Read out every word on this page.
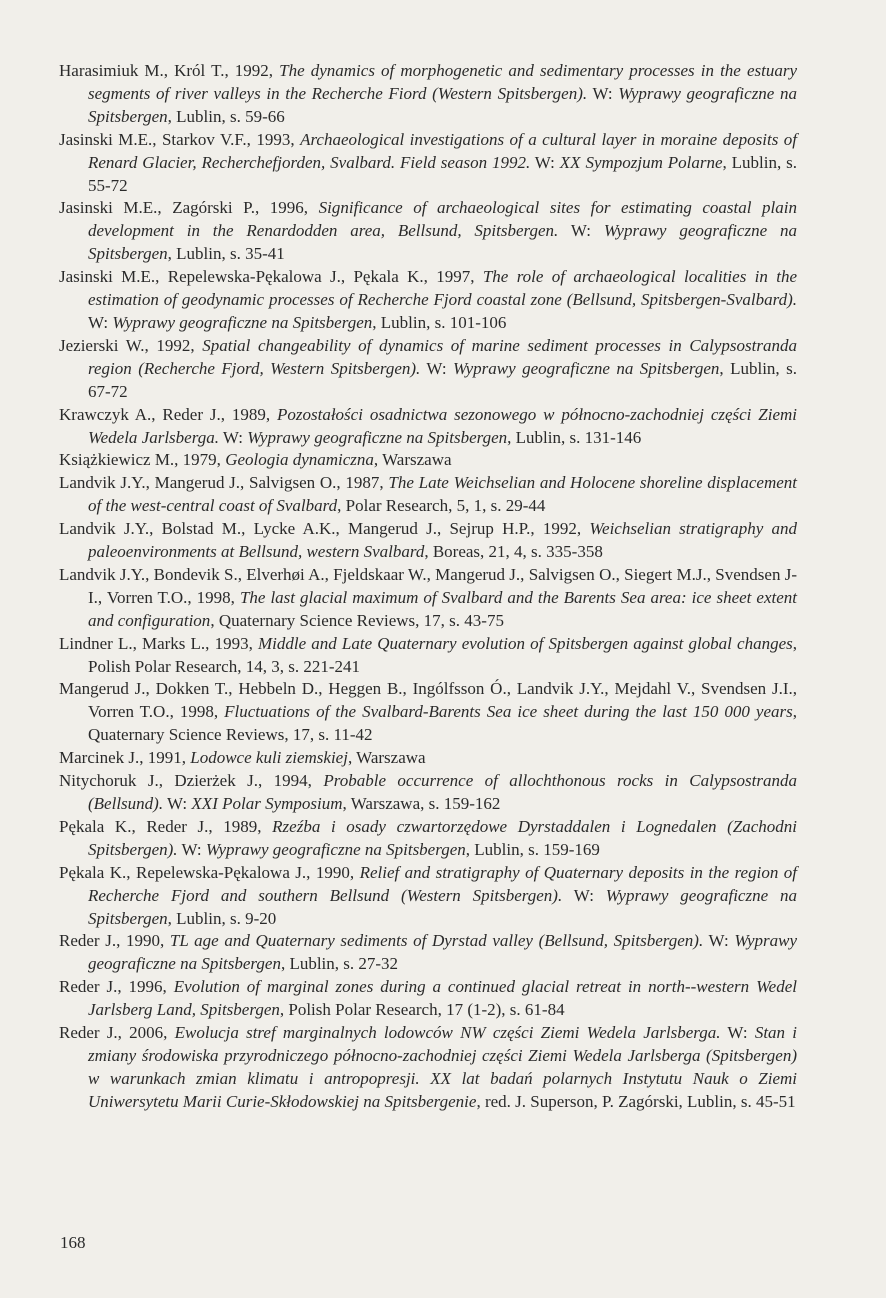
Harasimiuk M., Król T., 1992, The dynamics of morphogenetic and sedimentary processes in the estuary segments of river valleys in the Recherche Fiord (Western Spitsbergen). W: Wyprawy geograficzne na Spitsbergen, Lublin, s. 59-66
Jasinski M.E., Starkov V.F., 1993, Archaeological investigations of a cultural layer in moraine deposits of Renard Glacier, Recherchefjorden, Svalbard. Field season 1992. W: XX Sympozjum Polarne, Lublin, s. 55-72
Jasinski M.E., Zagórski P., 1996, Significance of archaeological sites for estimating coastal plain development in the Renardodden area, Bellsund, Spitsbergen. W: Wyprawy geograficzne na Spitsbergen, Lublin, s. 35-41
Jasinski M.E., Repelewska-Pękalowa J., Pękala K., 1997, The role of archaeological localities in the estimation of geodynamic processes of Recherche Fjord coastal zone (Bellsund, Spitsbergen-Svalbard). W: Wyprawy geograficzne na Spitsbergen, Lublin, s. 101-106
Jezierski W., 1992, Spatial changeability of dynamics of marine sediment processes in Calypsostranda region (Recherche Fjord, Western Spitsbergen). W: Wyprawy geograficzne na Spitsbergen, Lublin, s. 67-72
Krawczyk A., Reder J., 1989, Pozostałości osadnictwa sezonowego w północno-zachodniej części Ziemi Wedela Jarlsberga. W: Wyprawy geograficzne na Spitsbergen, Lublin, s. 131-146
Książkiewicz M., 1979, Geologia dynamiczna, Warszawa
Landvik J.Y., Mangerud J., Salvigsen O., 1987, The Late Weichselian and Holocene shoreline displacement of the west-central coast of Svalbard, Polar Research, 5, 1, s. 29-44
Landvik J.Y., Bolstad M., Lycke A.K., Mangerud J., Sejrup H.P., 1992, Weichselian stratigraphy and paleoenvironments at Bellsund, western Svalbard, Boreas, 21, 4, s. 335-358
Landvik J.Y., Bondevik S., Elverhøi A., Fjeldskaar W., Mangerud J., Salvigsen O., Siegert M.J., Svendsen J-I., Vorren T.O., 1998, The last glacial maximum of Svalbard and the Barents Sea area: ice sheet extent and configuration, Quaternary Science Reviews, 17, s. 43-75
Lindner L., Marks L., 1993, Middle and Late Quaternary evolution of Spitsbergen against global changes, Polish Polar Research, 14, 3, s. 221-241
Mangerud J., Dokken T., Hebbeln D., Heggen B., Ingólfsson Ó., Landvik J.Y., Mejdahl V., Svendsen J.I., Vorren T.O., 1998, Fluctuations of the Svalbard-Barents Sea ice sheet during the last 150 000 years, Quaternary Science Reviews, 17, s. 11-42
Marcinek J., 1991, Lodowce kuli ziemskiej, Warszawa
Nitychoruk J., Dzierżek J., 1994, Probable occurrence of allochthonous rocks in Calypsostranda (Bellsund). W: XXI Polar Symposium, Warszawa, s. 159-162
Pękala K., Reder J., 1989, Rzeźba i osady czwartorzędowe Dyrstaddalen i Lognedalen (Zachodni Spitsbergen). W: Wyprawy geograficzne na Spitsbergen, Lublin, s. 159-169
Pękala K., Repelewska-Pękalowa J., 1990, Relief and stratigraphy of Quaternary deposits in the region of Recherche Fjord and southern Bellsund (Western Spitsbergen). W: Wyprawy geograficzne na Spitsbergen, Lublin, s. 9-20
Reder J., 1990, TL age and Quaternary sediments of Dyrstad valley (Bellsund, Spitsbergen). W: Wyprawy geograficzne na Spitsbergen, Lublin, s. 27-32
Reder J., 1996, Evolution of marginal zones during a continued glacial retreat in north--western Wedel Jarlsberg Land, Spitsbergen, Polish Polar Research, 17 (1-2), s. 61-84
Reder J., 2006, Ewolucja stref marginalnych lodowców NW części Ziemi Wedela Jarlsberga. W: Stan i zmiany środowiska przyrodniczego północno-zachodniej części Ziemi Wedela Jarlsberga (Spitsbergen) w warunkach zmian klimatu i antropopresji. XX lat badań polarnych Instytutu Nauk o Ziemi Uniwersytetu Marii Curie-Skłodowskiej na Spitsbergenie, red. J. Superson, P. Zagórski, Lublin, s. 45-51
168
